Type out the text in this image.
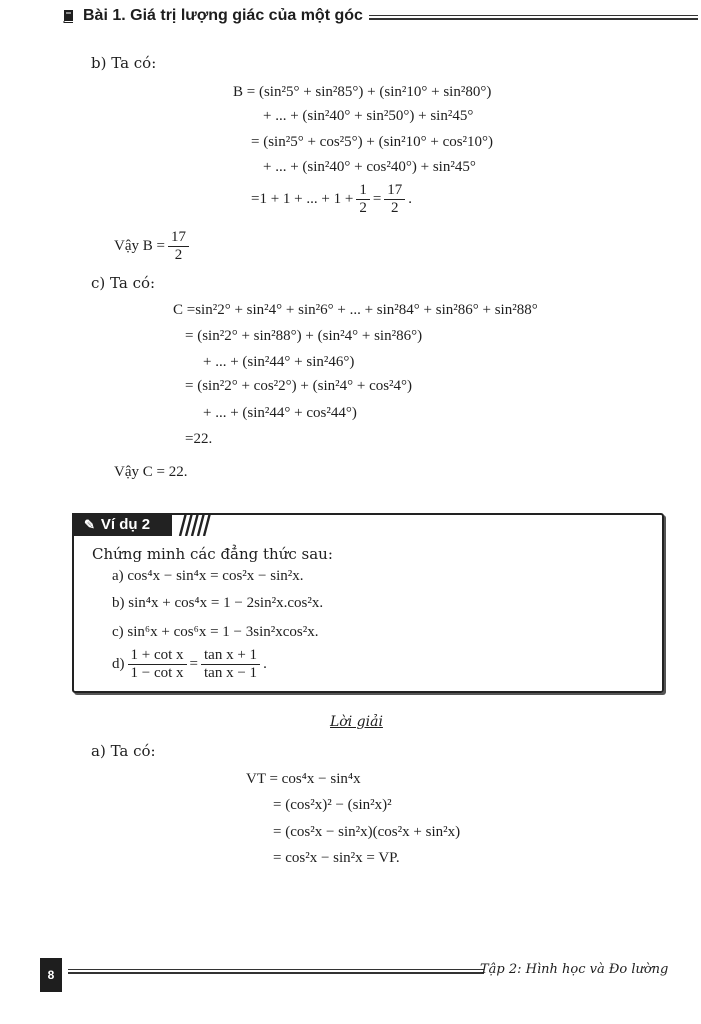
Bài 1. Giá trị lượng giác của một góc
b) Ta có:
B = (sin²5° + sin²85°) + (sin²10° + sin²80°)
+ ... + (sin²40° + sin²50°) + sin²45°
= (sin²5° + cos²5°) + (sin²10° + cos²10°)
+ ... + (sin²40° + cos²40°) + sin²45°
=1 + 1 + ... + $1 + \frac{1}{2} = \frac{17}{2}$ .
Vậy $B = \frac{17}{2}$
c) Ta có:
C =sin²2° + sin²4° + sin²6° + ... + sin²84° + sin²86° + sin²88°
= (sin²2° + sin²88°) + (sin²4° + sin²86°)
+ ... + (sin²44° + sin²46°)
= (sin²2° + cos²2°) + (sin²4° + cos²4°)
+ ... + (sin²44° + cos²44°)
=22.
Vậy C = 22.
✎ Ví dụ 2
Chứng minh các đẳng thức sau:
a) cos⁴x − sin⁴x = cos²x − sin²x.
b) sin⁴x + cos⁴x = 1 − 2sin²x.cos²x.
c) sin⁶x + cos⁶x = 1 − 3sin²xcos²x.
$d) \frac{\text{1 + cot x}}{\text{1 − cot x}} = \frac{\text{tan x + 1}}{\text{tan x − 1}}$ .
Lời giải
a) Ta có:
VT = cos⁴x − sin⁴x
= (cos²x)² − (sin²x)²
= (cos²x − sin²x)(cos²x + sin²x)
= cos²x − sin²x = VP.
8	Tập 2: Hình học và Đo lường
